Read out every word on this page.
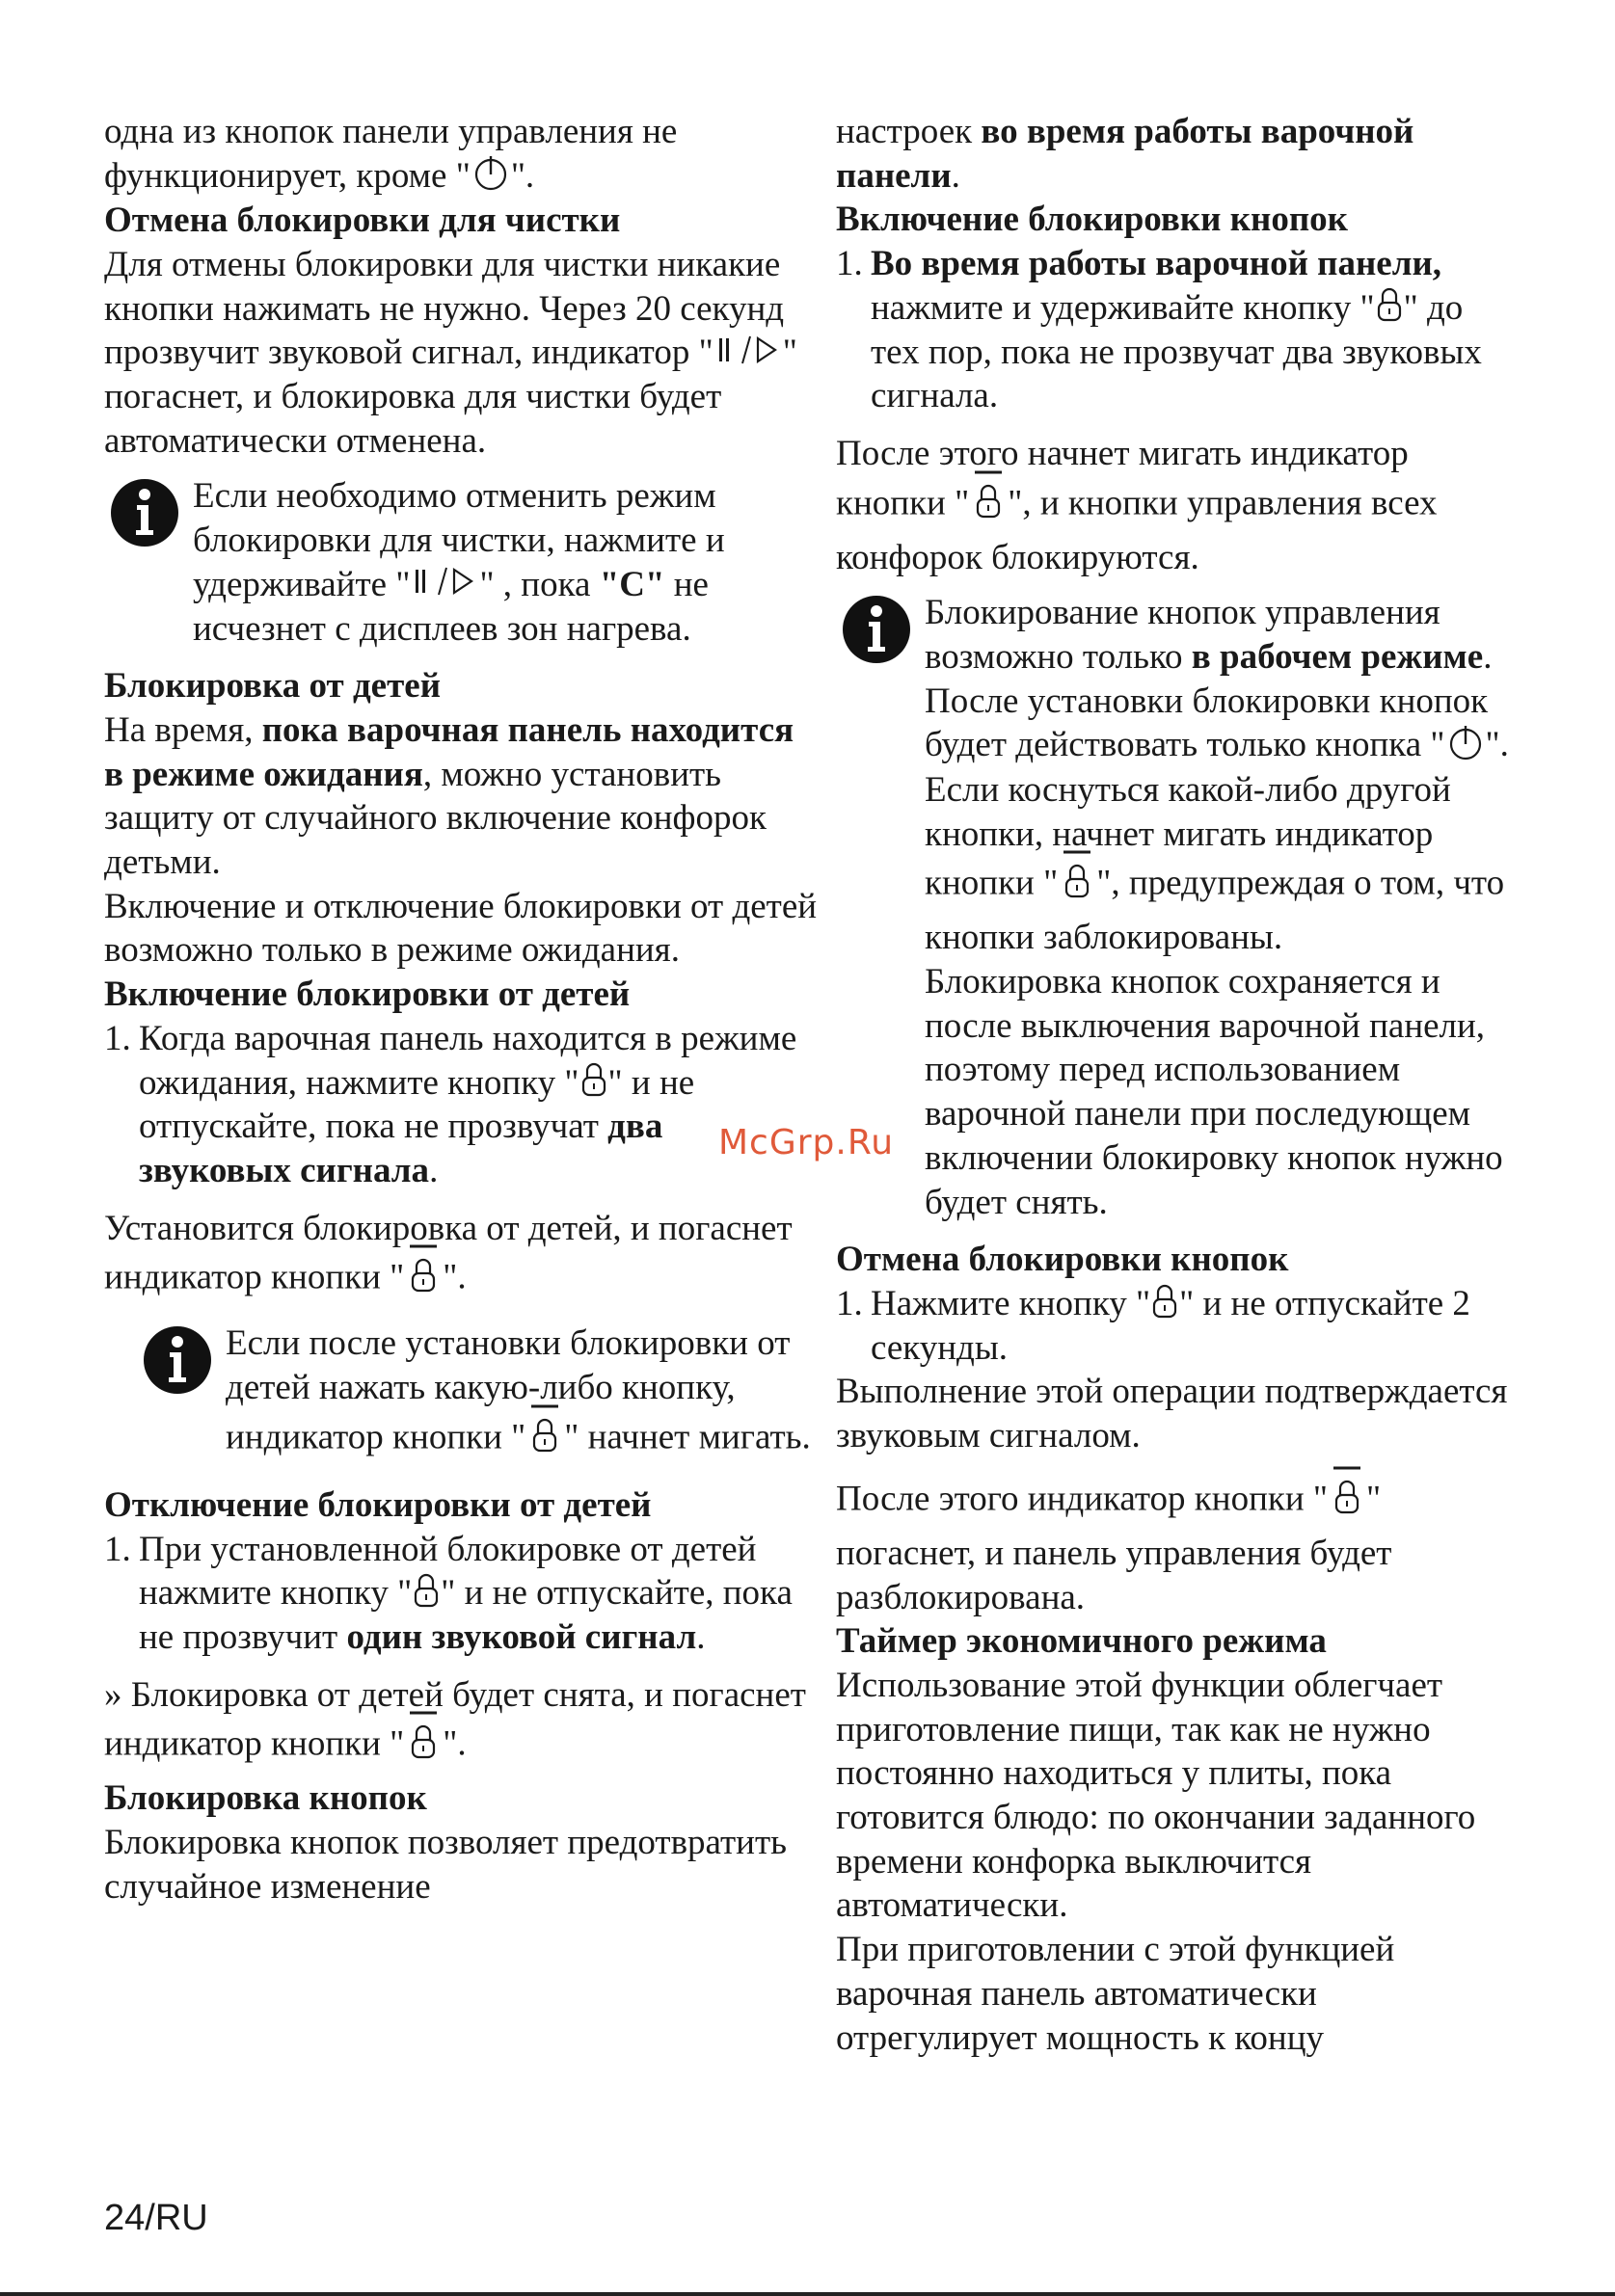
одна из кнопок панели управления не функционирует, кроме " ".

Отмена блокировки для чистки

Для отмены блокировки для чистки никакие кнопки нажимать не нужно. Через 20 секунд прозвучит звуковой сигнал, индикатор " " погаснет, и блокировка для чистки будет автоматически отменена.

Если необходимо отменить режим блокировки для чистки, нажмите и удерживайте " " , пока "С" не исчезнет с дисплеев зон нагрева.

Блокировка от детей

На время, пока варочная панель находится в режиме ожидания, можно установить защиту от случайного включение конфорок детьми.

Включение и отключение блокировки от детей возможно только в режиме ожидания.

Включение блокировки от детей

1. Когда варочная панель находится в режиме ожидания, нажмите кнопку " " и не отпускайте, пока не прозвучат два звуковых сигнала.

Установится блокировка от детей, и погаснет индикатор кнопки " ".

Если после установки блокировки от детей нажать какую-либо кнопку, индикатор кнопки " " начнет мигать.

Отключение блокировки от детей

1. При установленной блокировке от детей нажмите кнопку " " и не отпускайте, пока не прозвучит один звуковой сигнал.

» Блокировка от детей будет снята, и погаснет индикатор кнопки " ".

Блокировка кнопок

Блокировка кнопок позволяет предотвратить случайное изменение

настроек во время работы варочной панели.

Включение блокировки кнопок

1. Во время работы варочной панели, нажмите и удерживайте кнопку " " до тех пор, пока не прозвучат два звуковых сигнала.

После этого начнет мигать индикатор кнопки " ", и кнопки управления всех конфорок блокируются.

Блокирование кнопок управления возможно только в рабочем режиме. После установки блокировки кнопок будет действовать только кнопка " ". Если коснуться какой-либо другой кнопки, начнет мигать индикатор кнопки " ", предупреждая о том, что кнопки заблокированы.
Блокировка кнопок сохраняется и после выключения варочной панели, поэтому перед использованием варочной панели при последующем включении блокировку кнопок нужно будет снять.

Отмена блокировки кнопок

1. Нажмите кнопку " " и не отпускайте 2 секунды.

Выполнение этой операции подтверждается звуковым сигналом.

После этого индикатор кнопки " " погаснет, и панель управления будет разблокирована.

Таймер экономичного режима

Использование этой функции облегчает приготовление пищи, так как не нужно постоянно находиться у плиты, пока готовится блюдо: по окончании заданного времени конфорка выключится автоматически.

При приготовлении с этой функцией варочная панель автоматически отрегулирует мощность к концу

McGrp.Ru
24/RU
